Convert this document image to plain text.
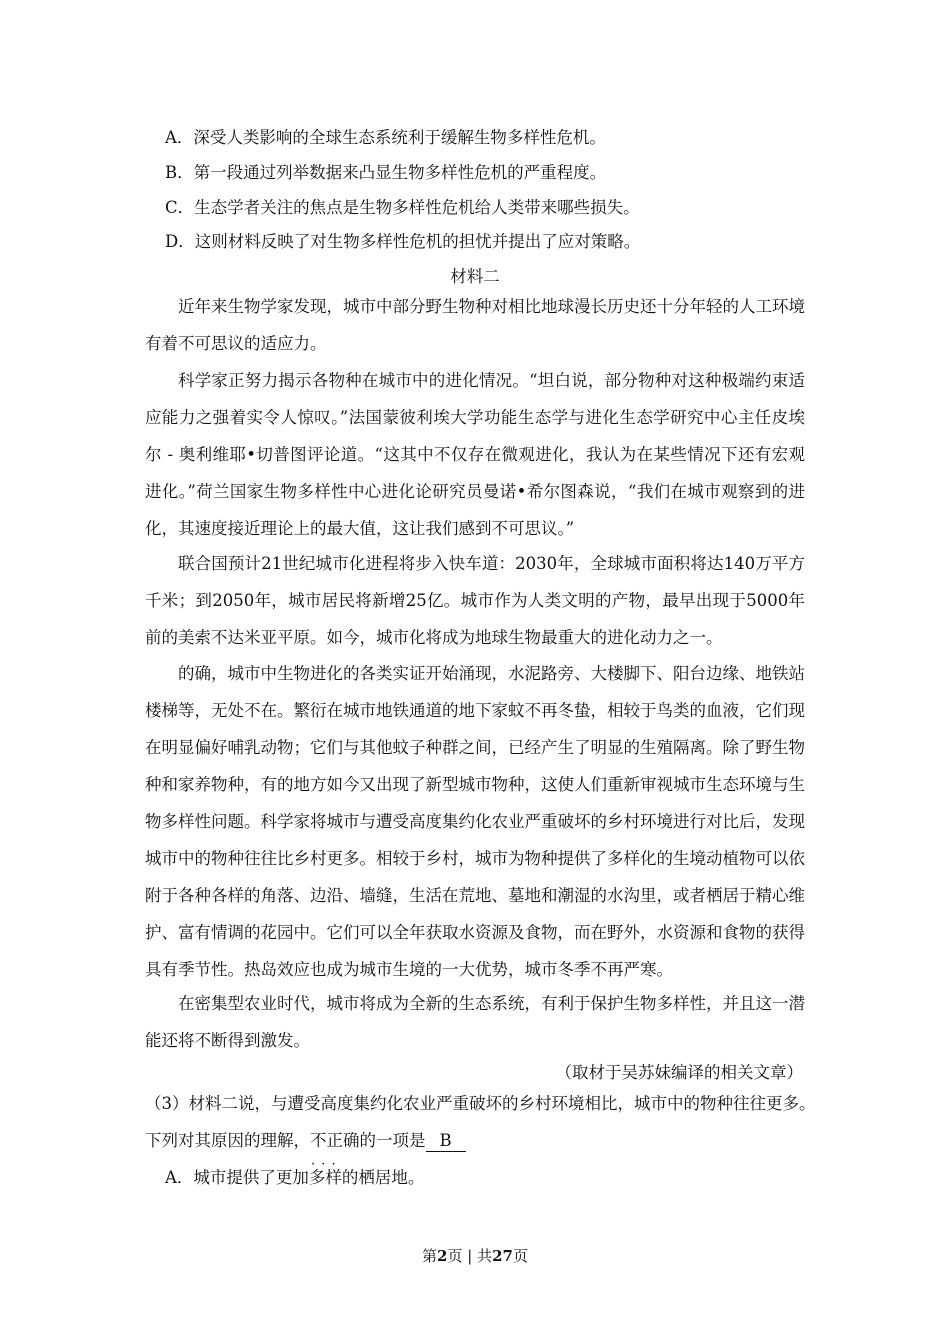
A．深受人类影响的全球生态系统利于缓解生物多样性危机。
B．第一段通过列举数据来凸显生物多样性危机的严重程度。
C．生态学者关注的焦点是生物多样性危机给人类带来哪些损失。
D．这则材料反映了对生物多样性危机的担忧并提出了应对策略。
材料二
近年来生物学家发现，城市中部分野生物种对相比地球漫长历史还十分年轻的人工环境有着不可思议的适应力。
科学家正努力揭示各物种在城市中的进化情况。“坦白说，部分物种对这种极端约束适应能力之强着实令人惊叹。”法国蒙彼利埃大学功能生态学与进化生态学研究中心主任皮埃尔 - 奥利维耶•切普图评论道。“这其中不仅存在微观进化，我认为在某些情况下还有宏观进化。”荷兰国家生物多样性中心进化论研究员曼诺•希尔图森说，“我们在城市观察到的进化，其速度接近理论上的最大值，这让我们感到不可思议。”
联合国预计21世纪城市化进程将步入快车道：2030年，全球城市面积将达140万平方千米；到2050年，城市居民将新增25亿。城市作为人类文明的产物，最早出现于5000年前的美索不达米亚平原。如今，城市化将成为地球生物最重大的进化动力之一。
的确，城市中生物进化的各类实证开始涌现，水泥路旁、大楼脚下、阳台边缘、地铁站楼梯等，无处不在。繁衍在城市地铁通道的地下家蚊不再冬蛰，相较于鸟类的血液，它们现在明显偏好哺乳动物；它们与其他蚊子种群之间，已经产生了明显的生殖隔离。除了野生物种和家养物种，有的地方如今又出现了新型城市物种，这使人们重新审视城市生态环境与生物多样性问题。科学家将城市与遭受高度集约化农业严重破坏的乡村环境进行对比后，发现城市中的物种往往比乡村更多。相较于乡村，城市为物种提供了多样化的生境动植物可以依附于各种各样的角落、边沿、墙缝，生活在荒地、墓地和潮湿的水沟里，或者栖居于精心维护、富有情调的花园中。它们可以全年获取水资源及食物，而在野外，水资源和食物的获得具有季节性。热岛效应也成为城市生境的一大优势，城市冬季不再严寒。
在密集型农业时代，城市将成为全新的生态系统，有利于保护生物多样性，并且这一潜能还将不断得到激发。
（取材于吴苏妹编译的相关文章）
（3）材料二说，与遭受高度集约化农业严重破坏的乡村环境相比，城市中的物种往往更多。
下列对其原因的理解，不正确 · · ·的一项是 B
A．城市提供了更加多样的栖居地。
第2页 | 共27页
